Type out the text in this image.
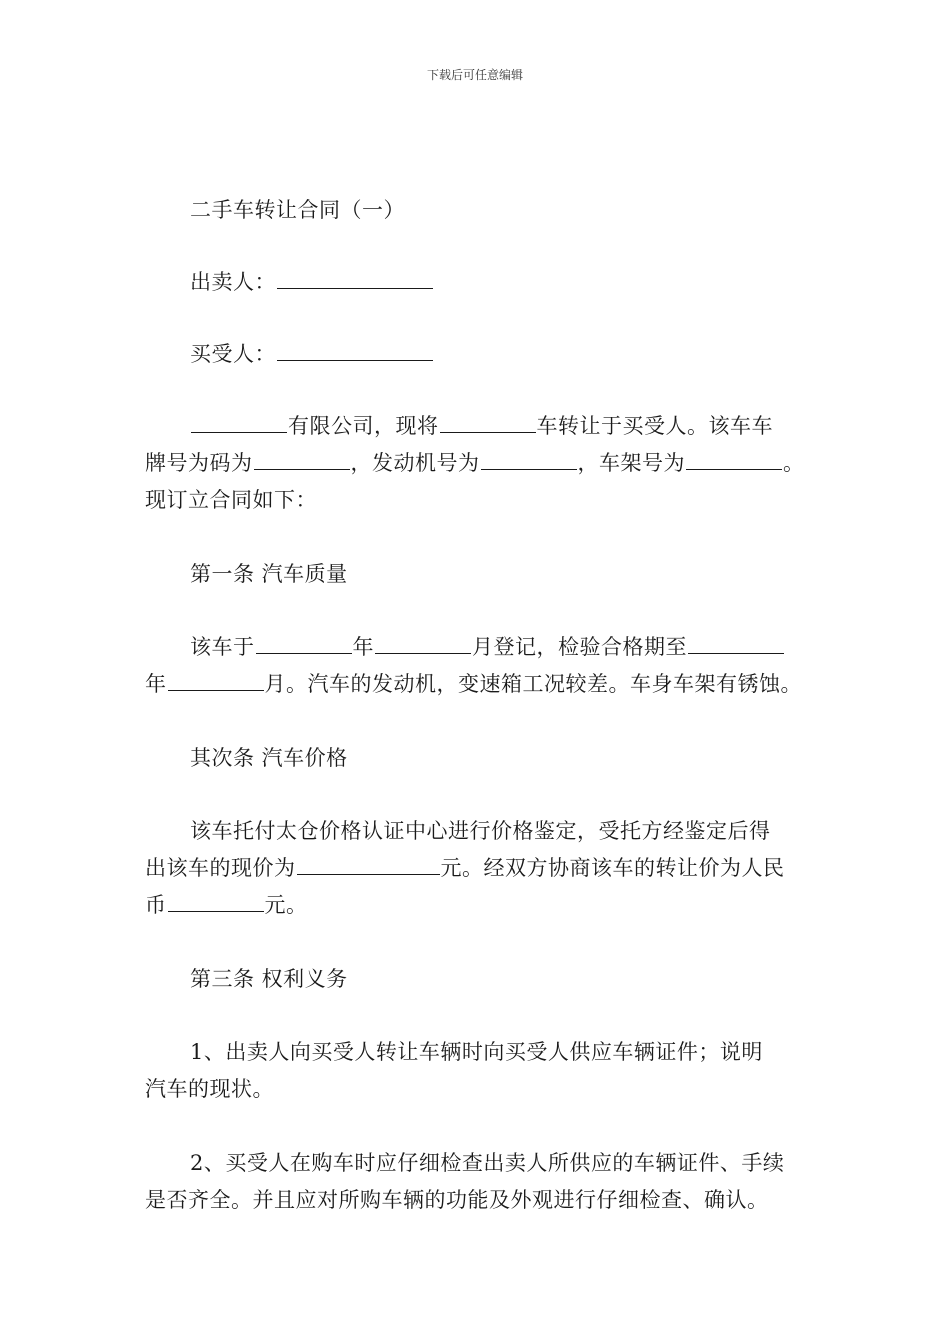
下载后可任意编辑
二手车转让合同（一）
出卖人：
买受人：

有限公司，现将	车转让于买受人。该车车

牌号为码为	，发动机号为	，车架号为	。

现订立合同如下：

第一条 汽车质量

该车于	年	月登记，检验合格期至

年	月。汽车的发动机，变速箱工况较差。车身车架有锈蚀。

其次条 汽车价格

该车托付太仓价格认证中心进行价格鉴定，受托方经鉴定后得

出该车的现价为	元。经双方协商该车的转让价为人民

币	元。

第三条 权利义务

1、出卖人向买受人转让车辆时向买受人供应车辆证件；说明

汽车的现状。

2、买受人在购车时应仔细检查出卖人所供应的车辆证件、手续

是否齐全。并且应对所购车辆的功能及外观进行仔细检查、确认。
